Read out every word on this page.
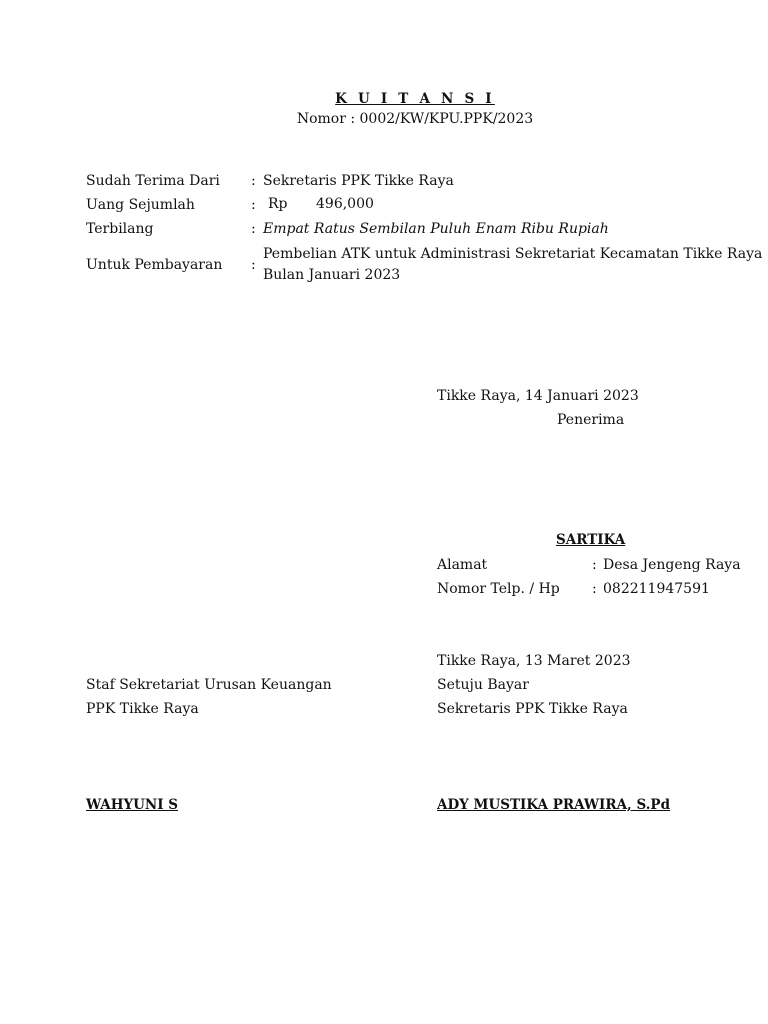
K U I T A N S I
Nomor : 0002/KW/KPU.PPK/2023
Sudah Terima Dari : Sekretaris PPK Tikke Raya
Uang Sejumlah	: Rp 496,000
Terbilang	: Empat Ratus Sembilan Puluh Enam Ribu Rupiah
Untuk Pembayaran :
Pembelian ATK untuk Administrasi Sekretariat Kecamatan Tikke Raya Bulan Januari 2023
Tikke Raya, 14 Januari 2023
Penerima
SARTIKA
Alamat	: Desa Jengeng Raya
Nomor Telp. / Hp : 082211947591
Tikke Raya, 13 Maret 2023
Staf Sekretariat Urusan Keuangan	Setuju Bayar
PPK Tikke Raya	Sekretaris PPK Tikke Raya
WAHYUNI S	ADY MUSTIKA PRAWIRA, S.Pd
